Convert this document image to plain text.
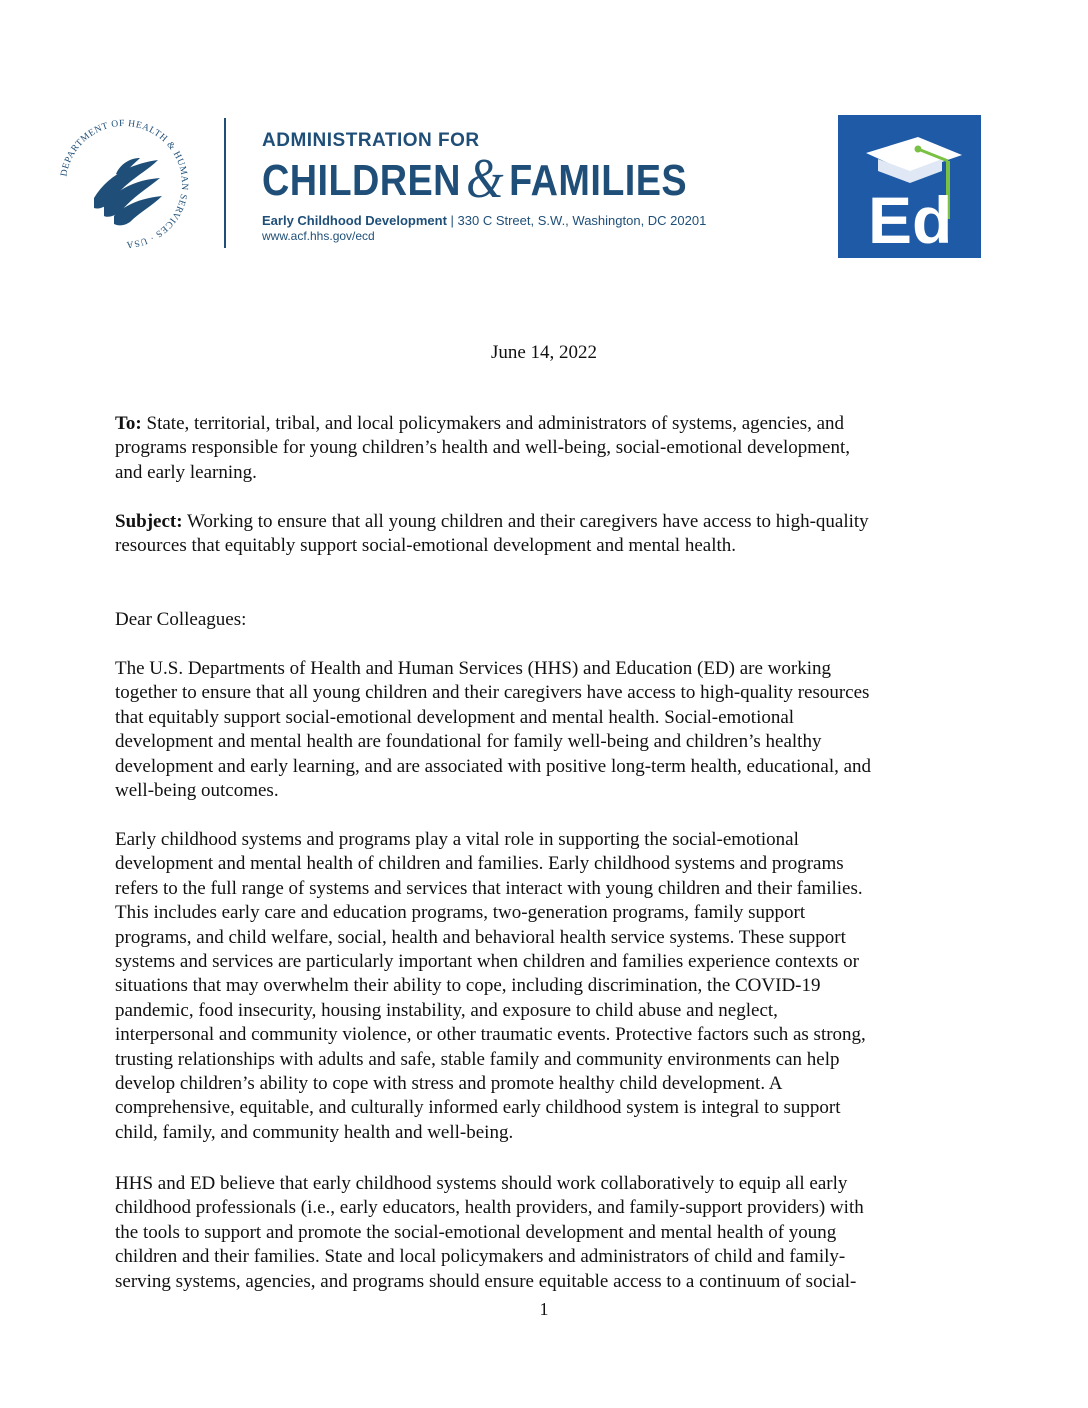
DEPARTMENT OF HEALTH & HUMAN SERVICES · USA
ADMINISTRATION FOR
CHILDREN& FAMILIES
Early Childhood Development | 330 C Street, S.W., Washington, DC 20201
www.acf.hhs.gov/ecd	Ed
June 14, 2022
To: State, territorial, tribal, and local policymakers and administrators of systems, agencies, and
programs responsible for young children’s health and well-being, social-emotional development,
and early learning.
Subject: Working to ensure that all young children and their caregivers have access to high-quality
resources that equitably support social-emotional development and mental health.
Dear Colleagues:
The U.S. Departments of Health and Human Services (HHS) and Education (ED) are working
together to ensure that all young children and their caregivers have access to high-quality resources
that equitably support social-emotional development and mental health. Social-emotional
development and mental health are foundational for family well-being and children’s healthy
development and early learning, and are associated with positive long-term health, educational, and
well-being outcomes.
Early childhood systems and programs play a vital role in supporting the social-emotional
development and mental health of children and families. Early childhood systems and programs
refers to the full range of systems and services that interact with young children and their families.
This includes early care and education programs, two-generation programs, family support
programs, and child welfare, social, health and behavioral health service systems. These support
systems and services are particularly important when children and families experience contexts or
situations that may overwhelm their ability to cope, including discrimination, the COVID-19
pandemic, food insecurity, housing instability, and exposure to child abuse and neglect,
interpersonal and community violence, or other traumatic events. Protective factors such as strong,
trusting relationships with adults and safe, stable family and community environments can help
develop children’s ability to cope with stress and promote healthy child development. A
comprehensive, equitable, and culturally informed early childhood system is integral to support
child, family, and community health and well-being.
HHS and ED believe that early childhood systems should work collaboratively to equip all early
childhood professionals (i.e., early educators, health providers, and family-support providers) with
the tools to support and promote the social-emotional development and mental health of young
children and their families. State and local policymakers and administrators of child and family-
serving systems, agencies, and programs should ensure equitable access to a continuum of social-
1
